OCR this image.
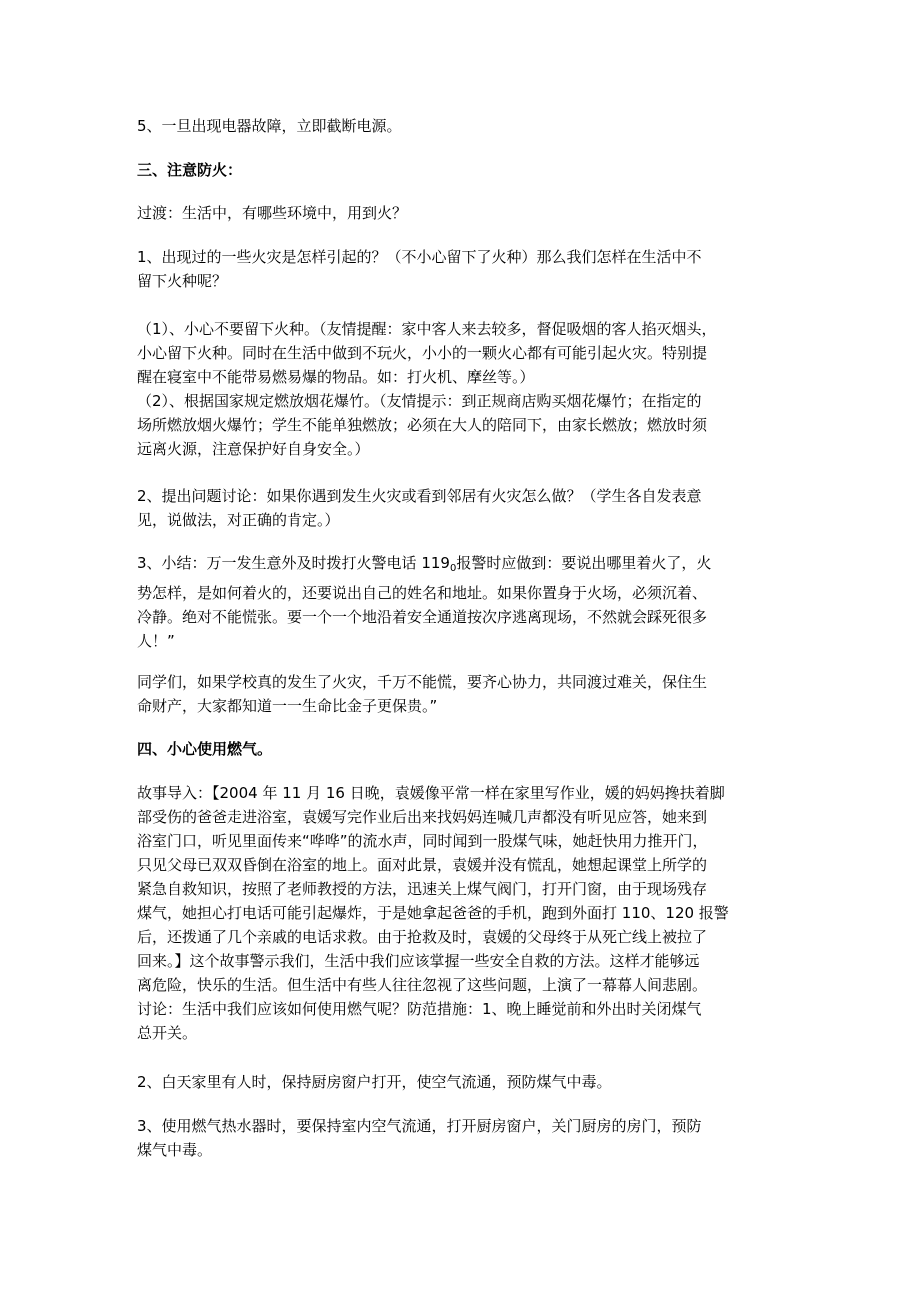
5、一旦出现电器故障，立即截断电源。

三、注意防火：

过渡：生活中，有哪些环境中，用到火？

1、出现过的一些火灾是怎样引起的？（不小心留下了火种）那么我们怎样在生活中不
留下火种呢？

（1）、小心不要留下火种。（友情提醒：家中客人来去较多，督促吸烟的客人掐灭烟头，
小心留下火种。同时在生活中做到不玩火，小小的一颗火心都有可能引起火灾。特别提
醒在寝室中不能带易燃易爆的物品。如：打火机、摩丝等。）

（2）、根据国家规定燃放烟花爆竹。（友情提示：到正规商店购买烟花爆竹；在指定的
场所燃放烟火爆竹；学生不能单独燃放；必须在大人的陪同下，由家长燃放；燃放时须
远离火源，注意保护好自身安全。）

2、提出问题讨论：如果你遇到发生火灾或看到邻居有火灾怎么做？（学生各自发表意
见，说做法，对正确的肯定。）

3、小结：万一发生意外及时拨打火警电话 $119_0$报警时应做到：要说出哪里着火了，火
势怎样，是如何着火的，还要说出自己的姓名和地址。如果你置身于火场，必须沉着、
冷静。绝对不能慌张。要一个一个地沿着安全通道按次序逃离现场，不然就会踩死很多
人！”

同学们，如果学校真的发生了火灾，千万不能慌，要齐心协力，共同渡过难关，保住生
命财产，大家都知道一一生命比金子更保贵。”

四、小心使用燃气。

故事导入：【2004 年 11 月 16 日晚，袁媛像平常一样在家里写作业，媛的妈妈搀扶着脚
部受伤的爸爸走进浴室，袁媛写完作业后出来找妈妈连喊几声都没有听见应答，她来到
浴室门口，听见里面传来“哗哗”的流水声，同时闻到一股煤气味，她赶快用力推开门，
只见父母已双双昏倒在浴室的地上。面对此景，袁媛并没有慌乱，她想起课堂上所学的
紧急自救知识，按照了老师教授的方法，迅速关上煤气阀门，打开门窗，由于现场残存
煤气，她担心打电话可能引起爆炸，于是她拿起爸爸的手机，跑到外面打 110、120 报警
后，还拨通了几个亲戚的电话求救。由于抢救及时，袁媛的父母终于从死亡线上被拉了
回来。】这个故事警示我们，生活中我们应该掌握一些安全自救的方法。这样才能够远
离危险，快乐的生活。但生活中有些人往往忽视了这些问题，上演了一幕幕人间悲剧。
讨论：生活中我们应该如何使用燃气呢？防范措施：1、晚上睡觉前和外出时关闭煤气
总开关。

2、白天家里有人时，保持厨房窗户打开，使空气流通，预防煤气中毒。

3、使用燃气热水器时，要保持室内空气流通，打开厨房窗户，关门厨房的房门，预防
煤气中毒。
